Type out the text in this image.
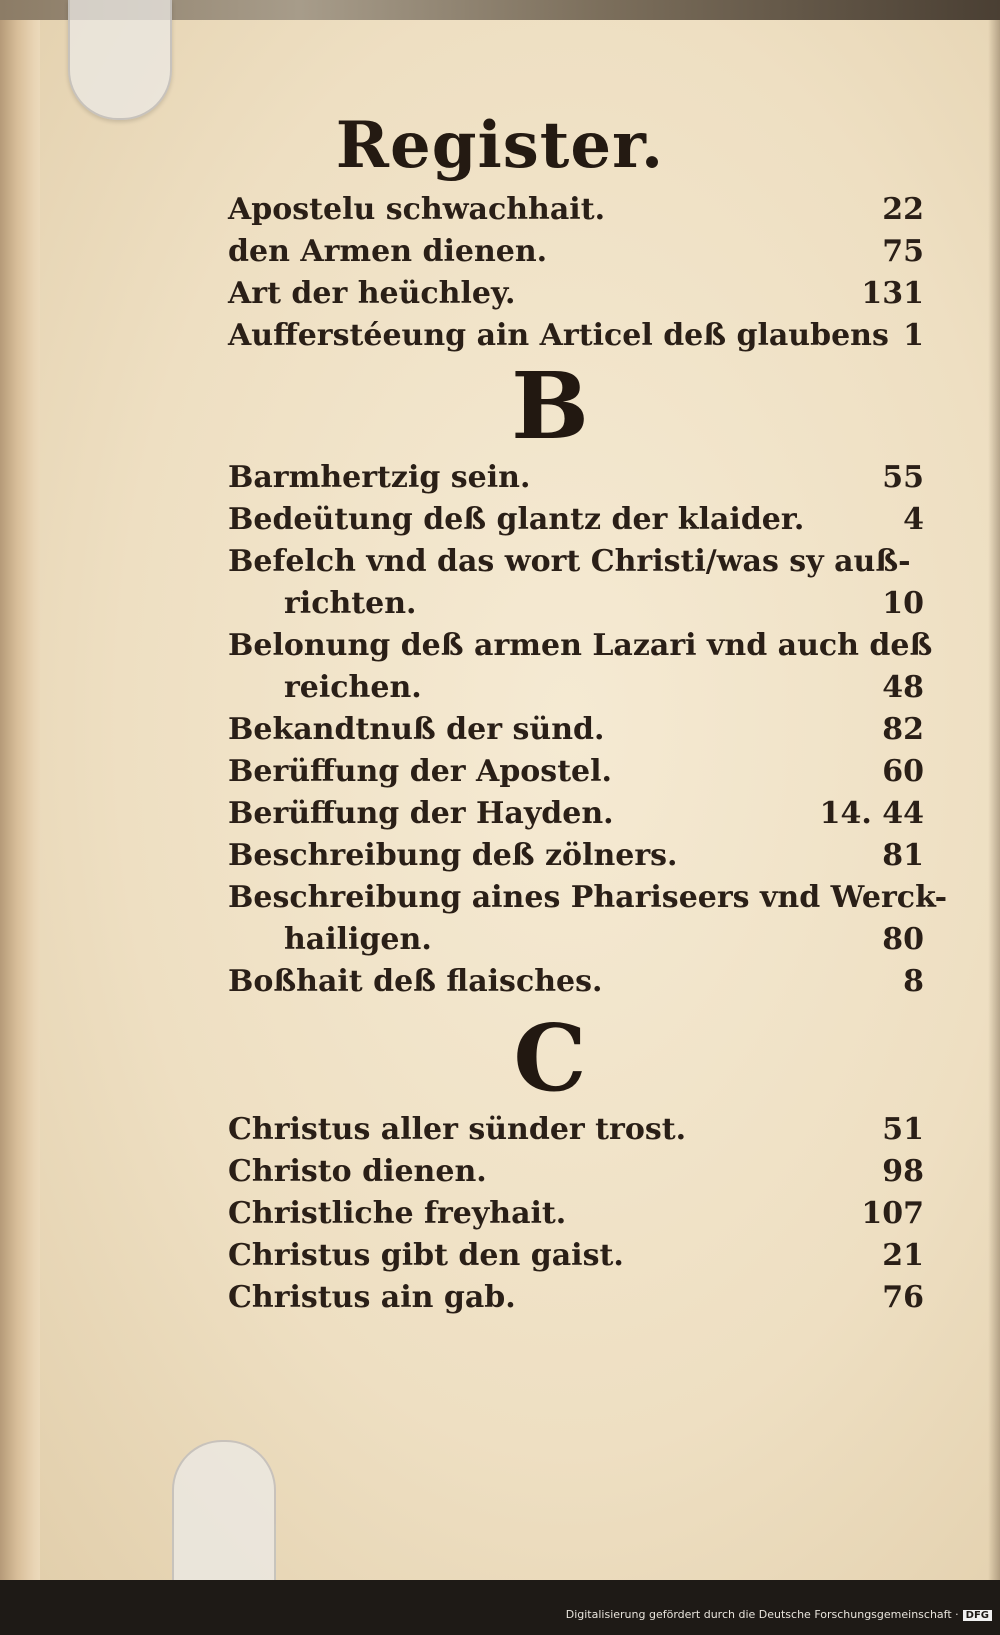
Register.
Apostelu schwachhait.	22
den Armen dienen.	75
Art der heüchley.	131
Aufferstéeung ain Articel deß glaubens 1
B
Barmhertzig sein.	55
Bedeütung deß glantz der klaider.	4
Befelch vnd das wort Christi/was sy auß-
richten.	10
Belonung deß armen Lazari vnd auch deß
reichen.	48
Bekandtnuß der sünd.	82
Berüffung der Apostel.	60
Berüffung der Hayden.	14. 44
Beschreibung deß zölners.	81
Beschreibung aines Phariseers vnd Werck-
hailigen.	80
Boßhait deß flaisches.	8
C
Christus aller sünder trost.	51
Christo dienen.	98
Christliche freyhait.	107
Christus gibt den gaist.	21
Christus ain gab.	76
Digitalisierung gefördert durch die Deutsche Forschungsgemeinschaft · DFG
